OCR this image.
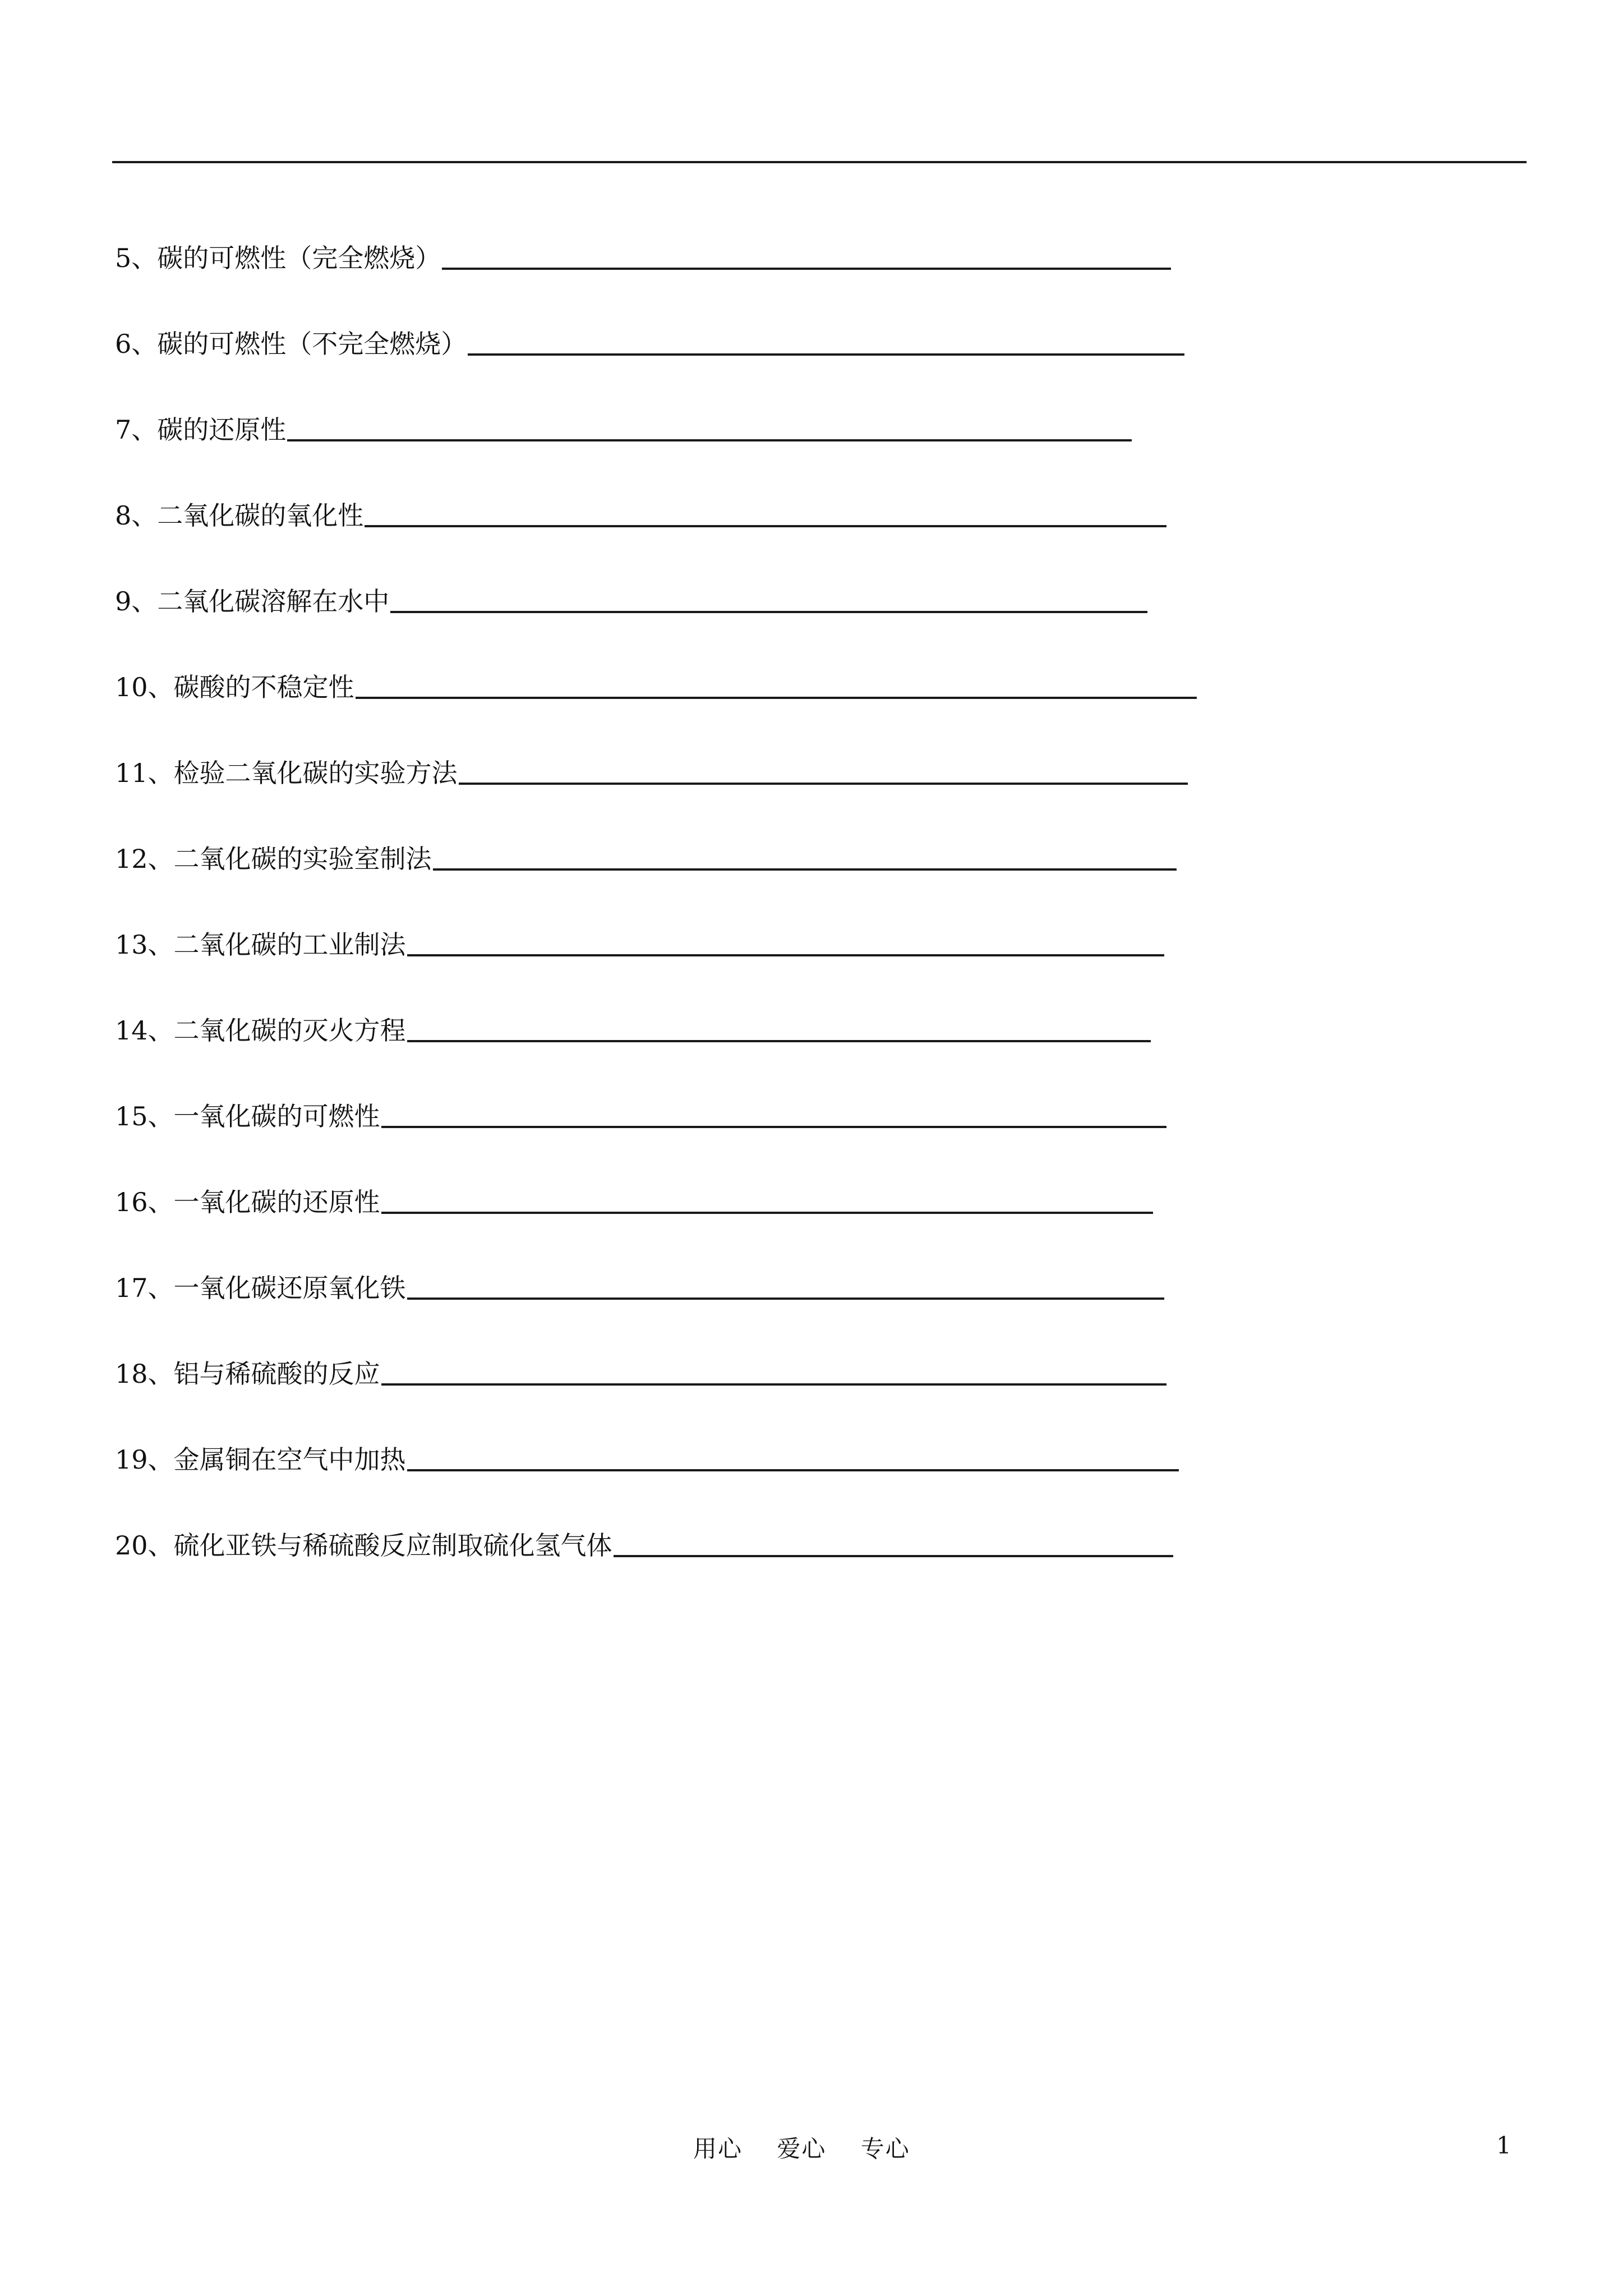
5、碳的可燃性（完全燃烧）
6、碳的可燃性（不完全燃烧）
7、碳的还原性
8、二氧化碳的氧化性
9、二氧化碳溶解在水中
10、碳酸的不稳定性
11、检验二氧化碳的实验方法
12、二氧化碳的实验室制法
13、二氧化碳的工业制法
14、二氧化碳的灭火方程
15、一氧化碳的可燃性
16、一氧化碳的还原性
17、一氧化碳还原氧化铁
18、铝与稀硫酸的反应
19、金属铜在空气中加热
20、硫化亚铁与稀硫酸反应制取硫化氢气体
用心    爱心    专心	1
